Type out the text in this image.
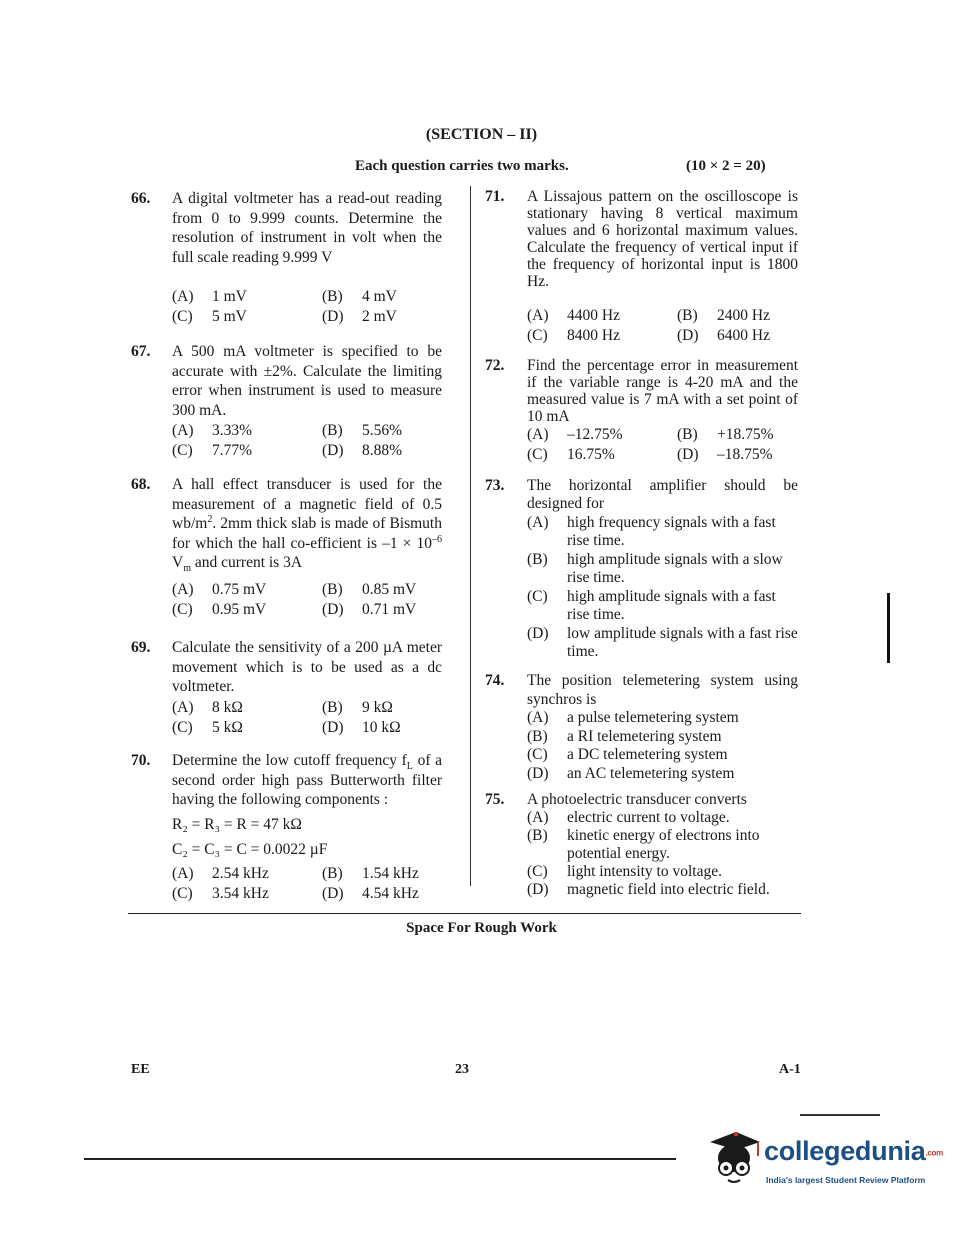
(SECTION – II)
Each question carries two marks.	(10 × 2 = 20)
66. A digital voltmeter has a read-out reading from 0 to 9.999 counts. Determine the resolution of instrument in volt when the full scale reading 9.999 V
(A)	1 mV	(B)	4 mV
(C)	5 mV	(D)	2 mV
67. A 500 mA voltmeter is specified to be accurate with ±2%. Calculate the limiting error when instrument is used to measure 300 mA.
(A)	3.33%	(B)	5.56%
(C)	7.77%	(D)	8.88%
68. A hall effect transducer is used for the measurement of a magnetic field of 0.5 $wb/m^2$. 2mm thick slab is made of Bismuth for which the hall co-efficient is $-1 \times 10^{-6}$ $V_m$ and current is 3A
(A)	0.75 mV	(B)	0.85 mV
(C)	0.95 mV	(D)	0.71 mV
69. Calculate the sensitivity of a 200 µA meter movement which is to be used as a dc voltmeter.
(A)	8 kΩ	(B)	9 kΩ
(C)	5 kΩ	(D)	10 kΩ
70. Determine the low cutoff frequency $f_L$ of a second order high pass Butterworth filter having the following components :
R₂ = R₃ = R = 47 kΩ
C₂ = C₃ = C = 0.0022 µF
(A)	2.54 kHz	(B)	1.54 kHz
(C)	3.54 kHz	(D)	4.54 kHz
71. A Lissajous pattern on the oscilloscope is stationary having 8 vertical maximum values and 6 horizontal maximum values. Calculate the frequency of vertical input if the frequency of horizontal input is 1800 Hz.
(A)	4400 Hz	(B)	2400 Hz
(C)	8400 Hz	(D)	6400 Hz
72. Find the percentage error in measurement if the variable range is 4-20 mA and the measured value is 7 mA with a set point of 10 mA
(A)	–12.75%	(B)	+18.75%
(C)	16.75%	(D)	–18.75%
73. The horizontal amplifier should be designed for
(A)	high frequency signals with a fast rise time.
(B)	high amplitude signals with a slow rise time.
(C)	high amplitude signals with a fast rise time.
(D)	low amplitude signals with a fast rise time.
74. The position telemetering system using synchros is
(A)	a pulse telemetering system
(B)	a RI telemetering system
(C)	a DC telemetering system
(D)	an AC telemetering system
75. A photoelectric transducer converts
(A)	electric current to voltage.
(B)	kinetic energy of electrons into potential energy.
(C)	light intensity to voltage.
(D)	magnetic field into electric field.
Space For Rough Work
EE	23	A-1
collegedunia.com
India's largest Student Review Platform
